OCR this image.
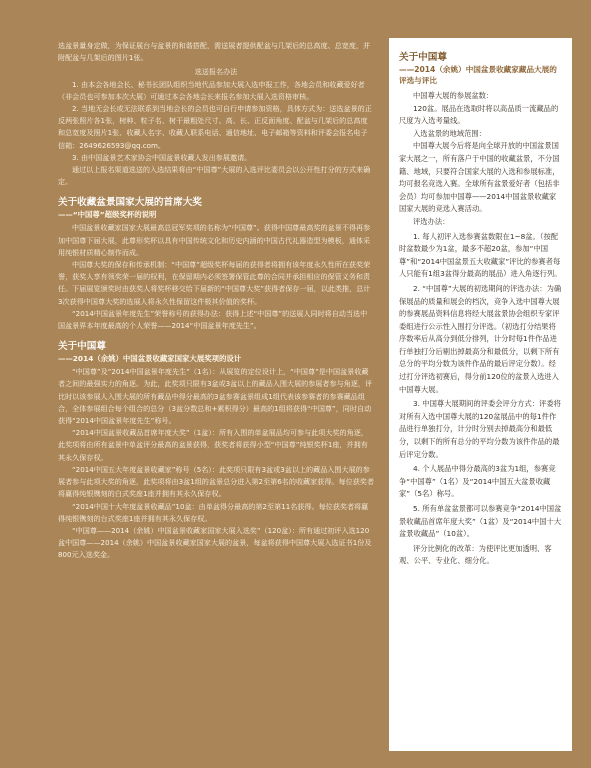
选盆景量身定做，为保证展台与盆景的和谐搭配，需送展者提供配盆与几架后的总高度、总宽度，并附配盆与几架后的图片1张。

选送报名办法

1. 由本会各地会长、秘书长团队组织当地代品参加大展入选申报工作，各地会员和收藏爱好者（非会员也可参加本次大展）可通过本会各地会长来报名参加大展入选资格审核。

2. 当地无会长或无法联系到当地会长的会员也可自行申请参加资格，具体方式为：送选盆景的正反两张照片各1张，树种、粒子名、树干最粗处尺寸、高、长、正反面角度、配盆与几架后的总高度和总宽度及照片1张、收藏人名字、收藏人联系电话、通信地址、电子邮箱等资料和评委会报名电子信箱：2649626593@qq.com。

3. 由中国盆景艺术家协会中国盆景收藏人发出参展邀请。

通过以上报名渠道选送的入选结果将由“中国尊”大展的入选评比委员会以公开性打分的方式来确定。

关于收藏盆景国家大展的首席大奖
——“中国尊”超级奖杯的说明

中国盆景收藏家国家大展最高总冠军奖项的名称为“中国尊”。获得中国尊最高奖的盆景不得再参加中国尊下届大展，此尊形奖杯以具有中国传统文化和历史内涵的中国古代礼器造型为模板，通体采用纯银材质精心制作而成。

中国尊大奖的保存和传承机制：“中国尊”超级奖杯每届的获得者将拥有该年度永久性所在获奖荣誉，获奖人享有领奖荣一届的权利，在保留期内必须签署保管此尊的合同并承担相应的保管义务和责任。下届展览颁奖时由获奖人将奖杯移交给下届新的“中国尊大奖”获得者保存一届，以此类推，总计3次获得中国尊大奖的选展人将永久性保留这件极其价值的奖杯。

“2014中国盆景年度先生”荣誉称号的获得办法：获得上述“中国尊”的送展人同时将自动当选中国盆景界本年度最高的个人荣誉——2014“中国盆景年度先生”。

关于中国尊
——2014（余姚）中国盆景收藏家国家大展奖项的设计

“中国尊”及“2014中国盆景年度先生”（1名）：从展览的定位设计上，“中国尊”是中国盆景收藏者之间的最强实力的角逐。为此，此奖项只限有3盆或3盆以上的藏品入围大展的参展者参与角逐，评比时以该参展人入围大展的所有藏品中得分最高的3盆参赛盆景组成1组代表该参赛者的参赛藏品组合，全体参展组合每个组合的总分（3盆分数总和+累积得分）最高的1组将获得“中国尊”，同时自动获得“2014中国盆景年度先生”称号。

“2014中国盆景收藏品首席年度大奖”（1盆）：所有入围的单盆展品均可参与此项大奖的角逐，此奖项将由所有盆景中单盆评分最高的盆景获得，获奖者将获得小型“中国尊”纯银奖杯1座，并拥有其永久保存权。

“2014中国五大年度盆景收藏家”称号（5名）：此奖项只限有3盆或3盆以上的藏品入围大展的参展者参与此项大奖的角逐，此奖项将由3盆1组的盆景总分进入第2至第6名的收藏家获得。每位获奖者将赢得纯银镌刻的白式奖座1座并拥有其永久保存权。

“2014中国十大年度盆景收藏品”10盆：由单盆得分最高的第2至第11名获得。每位获奖者将赢得纯银镌刻的台式奖座1座并拥有其永久保存权。

“中国尊——2014（余姚）中国盆景收藏家国家大展入选奖”（120盆）：所有通过初评入选120盆中国尊——2014（余姚）中国盆景收藏家国家大展的盆景，每盆将获得中国尊大展入选证书1份及800元入选奖金。

关于中国尊
——2014（余姚）中国盆景收藏家藏品大展的评选与评比

中国尊大展的参展盆数：

120盆。展品在选取时将以高品质一流藏品的尺度为入选考量线。

入选盆景的地域范围：

中国尊大展今后将是向全球开放的中国盆景国家大展之一，所有落户于中国的收藏盆景，不分国籍、地域，只要符合国家大展的入选和参展标准，均可报名竞选入赛。全球所有盆景爱好者（包括非会员）均可参加中国尊——2014中国盆景收藏家国家大展的竞选入赛活动。

评选办法：

1. 每人初评入选参赛盆数限在1~8盆。（按配时盆数最少为1盆，最多不超20盆，参加“中国尊”和“2014中国盆景五大收藏家”评比的参赛者每人只能有1组3盆得分最高的展品）进入角逐行列。

2. “中国尊”大展的初选期间的评选办法：为确保展品的质量和展会的档次，竞争入选中国尊大展的参赛展品资料信息将经大展盆景协会组织专家评委组进行公示性入围打分评选。（初选打分结果将序数率后从高分到低分排列，计分时每1件作品进行单独打分后剔出掉最高分和最低分，以剩下所有总分的平均分数为该件作品的最后评定分数）。经过打分评选初赛后，得分前120位的盆景入选进入中国尊大展。

3. 中国尊大展期间的评委会评分方式：评委将对所有入选中国尊大展的120盆展品中的每1件作品进行单独打分，计分时分别去掉最高分和最低分，以剩下的所有总分的平均分数为该件作品的最后评定分数。

4. 个人展品中得分最高的3盆为1组，参赛竞争“中国尊”（1名）及“2014中国五大盆景收藏家”（5名）称号。

5. 所有单盆盆景都可以参赛竞争“2014中国盆景收藏品首席年度大奖”（1盆）及“2014中国十大盆景收藏品”（10盆）。

评分比例化的改革：为使评比更加透明、客观、公平、专业化、细分化。
